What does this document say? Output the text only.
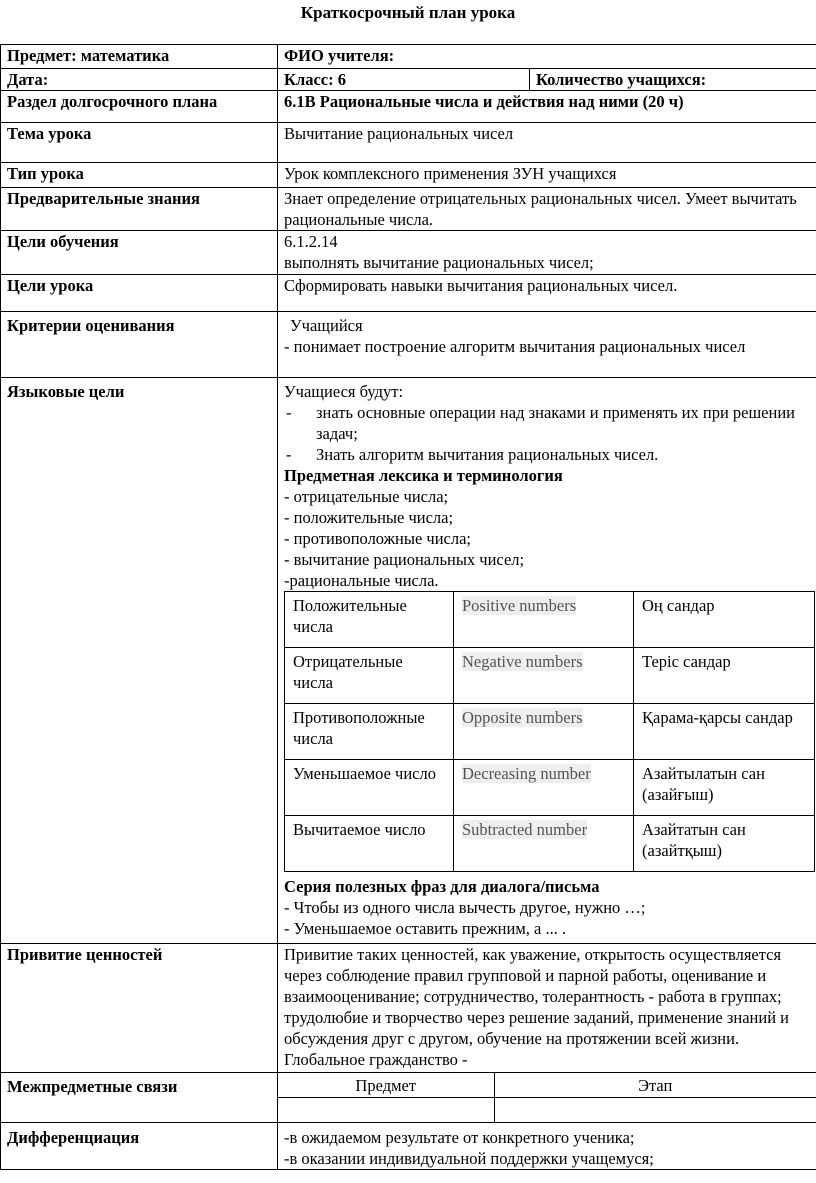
Краткосрочный план урока
Предмет: математика	ФИО учителя:
Дата:	Класс: 6	Количество учащихся:
Раздел долгосрочного плана	6.1В Рациональные числа и действия над ними (20 ч)
Тема урока	Вычитание рациональных чисел
Тип урока	Урок комплексного применения ЗУН учащихся
Предварительные знания	Знает определение отрицательных рациональных чисел. Умеет вычитать рациональные числа.
Цели обучения	6.1.2.14
выполнять вычитание рациональных чисел;

Цели урока	Сформировать навыки вычитания рациональных чисел.
Критерии оценивания	Учащийся
- понимает построение алгоритм вычитания рациональных чисел

Языковые цели	Учащиеся будут:
-	знать основные операции над знаками и применять их при решении задач;
-	Знать алгоритм вычитания рациональных чисел.
Предметная лексика и терминология
- отрицательные числа;
- положительные числа;
- противоположные числа;
- вычитание рациональных чисел;
-рациональные числа.
Положительные числа	Positive numbers	Оң сандар
Отрицательные числа	Negative numbers	Теріс сандар
Противоположные числа	Opposite numbers	Қарама-қарсы сандар
Уменьшаемое число	Decreasing number	Азайтылатын сан (азайғыш)
Вычитаемое число	Subtracted number	Азайтатын сан (азайтқыш)
Серия полезных фраз для диалога/письма
- Чтобы из одного числа вычесть другое, нужно …;
- Уменьшаемое оставить прежним, а ... .

Привитие ценностей	Привитие таких ценностей, как уважение, открытость осуществляется через соблюдение правил групповой и парной работы, оценивание и взаимооценивание; сотрудничество, толерантность - работа в группах; трудолюбие и творчество через решение заданий, применение знаний и обсуждения друг с другом, обучение на протяжении всей жизни.
Глобальное гражданство -

Межпредметные связи		Предмет	Этап

Дифференциация	-в ожидаемом результате от конкретного ученика;
-в оказании индивидуальной поддержки учащемуся;
